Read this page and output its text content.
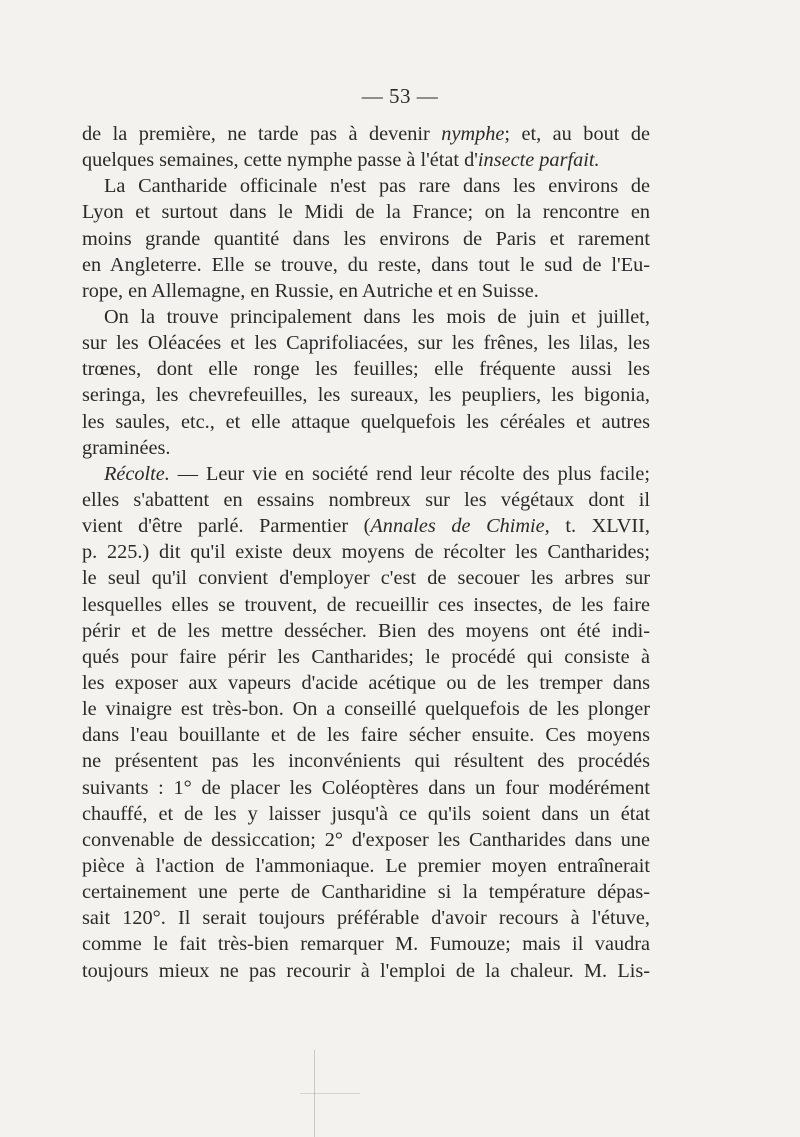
— 53 —
de la première, ne tarde pas à devenir nymphe; et, au bout de
quelques semaines, cette nymphe passe à l'état d'insecte parfait.
La Cantharide officinale n'est pas rare dans les environs de
Lyon et surtout dans le Midi de la France; on la rencontre en
moins grande quantité dans les environs de Paris et rarement
en Angleterre. Elle se trouve, du reste, dans tout le sud de l'Eu-
rope, en Allemagne, en Russie, en Autriche et en Suisse.
On la trouve principalement dans les mois de juin et juillet,
sur les Oléacées et les Caprifoliacées, sur les frênes, les lilas, les
trœnes, dont elle ronge les feuilles; elle fréquente aussi les
seringa, les chevrefeuilles, les sureaux, les peupliers, les bigonia,
les saules, etc., et elle attaque quelquefois les céréales et autres
graminées.
Récolte. — Leur vie en société rend leur récolte des plus facile;
elles s'abattent en essains nombreux sur les végétaux dont il
vient d'être parlé. Parmentier (Annales de Chimie, t. XLVII,
p. 225.) dit qu'il existe deux moyens de récolter les Cantharides;
le seul qu'il convient d'employer c'est de secouer les arbres sur
lesquelles elles se trouvent, de recueillir ces insectes, de les faire
périr et de les mettre dessécher. Bien des moyens ont été indi-
qués pour faire périr les Cantharides; le procédé qui consiste à
les exposer aux vapeurs d'acide acétique ou de les tremper dans
le vinaigre est très-bon. On a conseillé quelquefois de les plonger
dans l'eau bouillante et de les faire sécher ensuite. Ces moyens
ne présentent pas les inconvénients qui résultent des procédés
suivants : 1° de placer les Coléoptères dans un four modérément
chauffé, et de les y laisser jusqu'à ce qu'ils soient dans un état
convenable de dessiccation; 2° d'exposer les Cantharides dans une
pièce à l'action de l'ammoniaque. Le premier moyen entraînerait
certainement une perte de Cantharidine si la température dépas-
sait 120°. Il serait toujours préférable d'avoir recours à l'étuve,
comme le fait très-bien remarquer M. Fumouze; mais il vaudra
toujours mieux ne pas recourir à l'emploi de la chaleur. M. Lis-
